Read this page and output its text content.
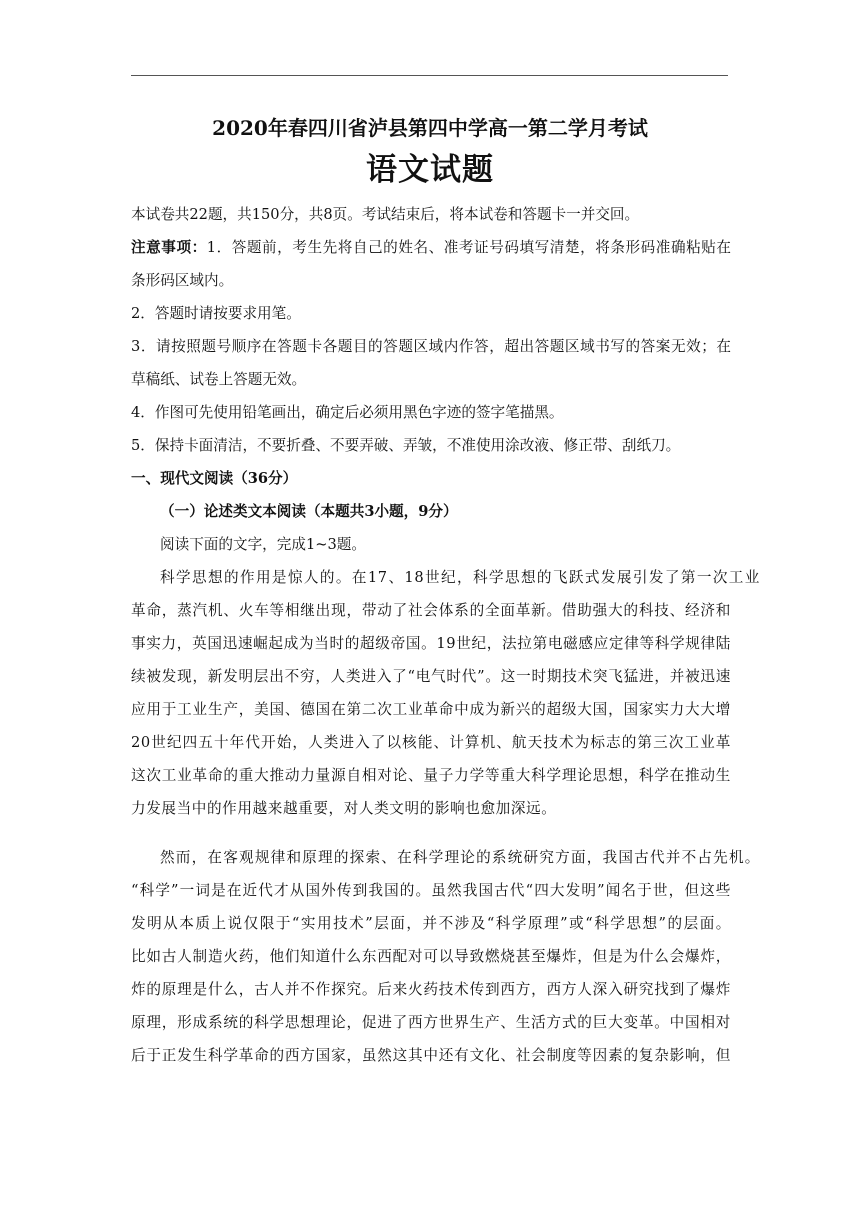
2020年春四川省泸县第四中学高一第二学月考试
语文试题
本试卷共22题，共150分，共8页。考试结束后，将本试卷和答题卡一并交回。
注意事项：1．答题前，考生先将自己的姓名、准考证号码填写清楚，将条形码准确粘贴在
条形码区域内。
2．答题时请按要求用笔。
3．请按照题号顺序在答题卡各题目的答题区域内作答，超出答题区域书写的答案无效；在
草稿纸、试卷上答题无效。
4．作图可先使用铅笔画出，确定后必须用黑色字迹的签字笔描黑。
5．保持卡面清洁，不要折叠、不要弄破、弄皱，不准使用涂改液、修正带、刮纸刀。
一、现代文阅读（36分）
（一）论述类文本阅读（本题共3小题，9分）
阅读下面的文字，完成1~3题。
科学思想的作用是惊人的。在17、18世纪，科学思想的飞跃式发展引发了第一次工业
革命，蒸汽机、火车等相继出现，带动了社会体系的全面革新。借助强大的科技、经济和
事实力，英国迅速崛起成为当时的超级帝国。19世纪，法拉第电磁感应定律等科学规律陆
续被发现，新发明层出不穷，人类进入了“电气时代”。这一时期技术突飞猛进，并被迅速
应用于工业生产，美国、德国在第二次工业革命中成为新兴的超级大国，国家实力大大增
20世纪四五十年代开始，人类进入了以核能、计算机、航天技术为标志的第三次工业革
这次工业革命的重大推动力量源自相对论、量子力学等重大科学理论思想，科学在推动生
力发展当中的作用越来越重要，对人类文明的影响也愈加深远。
然而，在客观规律和原理的探索、在科学理论的系统研究方面，我国古代并不占先机。
“科学”一词是在近代才从国外传到我国的。虽然我国古代“四大发明”闻名于世，但这些
发明从本质上说仅限于“实用技术”层面，并不涉及“科学原理”或“科学思想”的层面。
比如古人制造火药，他们知道什么东西配对可以导致燃烧甚至爆炸，但是为什么会爆炸，
炸的原理是什么，古人并不作探究。后来火药技术传到西方，西方人深入研究找到了爆炸
原理，形成系统的科学思想理论，促进了西方世界生产、生活方式的巨大变革。中国相对
后于正发生科学革命的西方国家，虽然这其中还有文化、社会制度等因素的复杂影响，但
